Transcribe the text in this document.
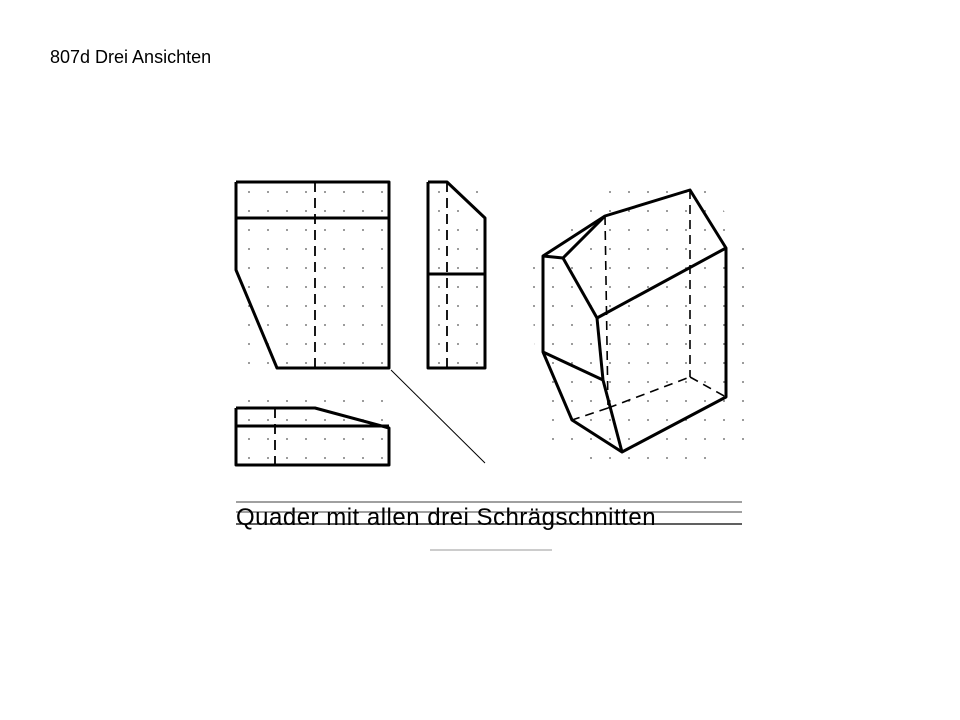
807d Drei Ansichten
Quader mit allen drei Schrägschnitten
